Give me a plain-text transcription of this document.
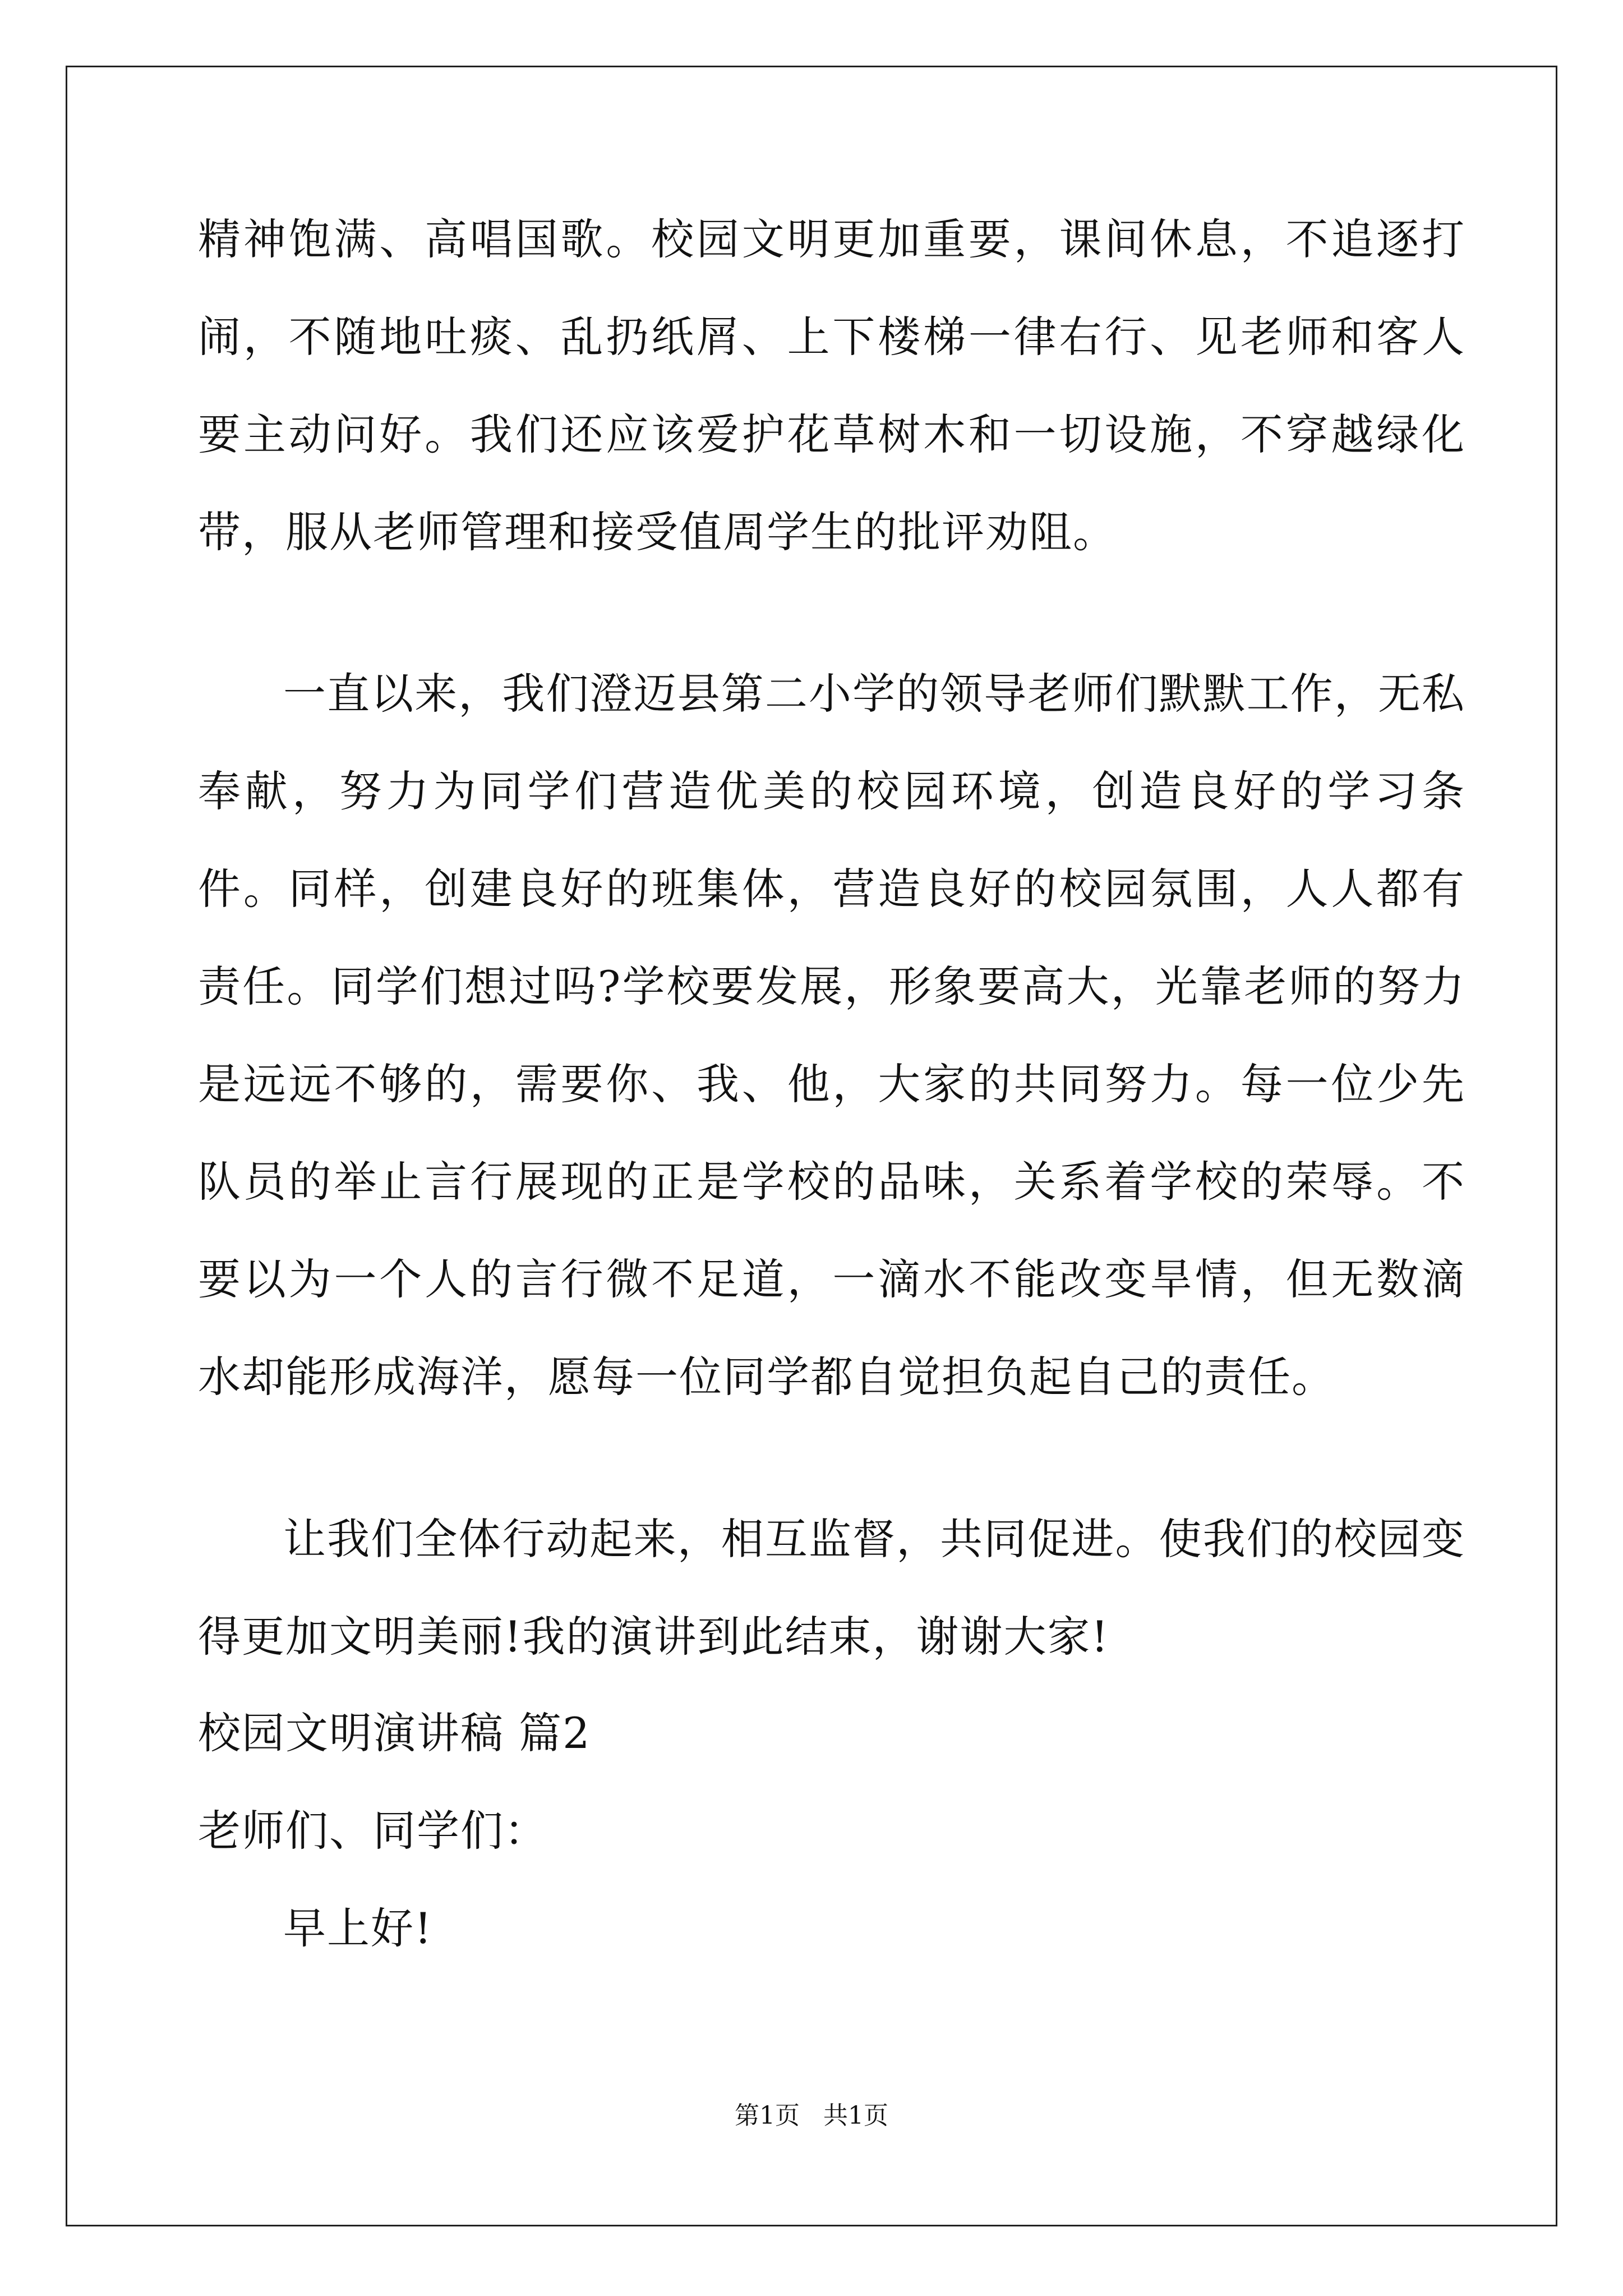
精神饱满、高唱国歌。校园文明更加重要，课间休息，不追逐打闹，不随地吐痰、乱扔纸屑、上下楼梯一律右行、见老师和客人要主动问好。我们还应该爱护花草树木和一切设施，不穿越绿化带，服从老师管理和接受值周学生的批评劝阻。

一直以来，我们澄迈县第二小学的领导老师们默默工作，无私奉献，努力为同学们营造优美的校园环境，创造良好的学习条件。同样，创建良好的班集体，营造良好的校园氛围，人人都有责任。同学们想过吗?学校要发展，形象要高大，光靠老师的努力是远远不够的，需要你、我、他，大家的共同努力。每一位少先队员的举止言行展现的正是学校的品味，关系着学校的荣辱。不要以为一个人的言行微不足道，一滴水不能改变旱情，但无数滴水却能形成海洋，愿每一位同学都自觉担负起自己的责任。

让我们全体行动起来，相互监督，共同促进。使我们的校园变得更加文明美丽!我的演讲到此结束，谢谢大家!

校园文明演讲稿 篇2

老师们、同学们：

早上好!

第1页   共1页
